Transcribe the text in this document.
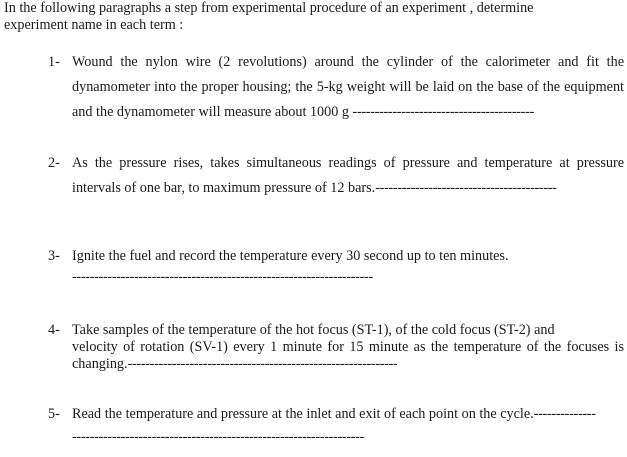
In the following paragraphs a step from experimental procedure of an experiment , determine
experiment name in each term :
1- Wound the nylon wire (2 revolutions) around the cylinder of the calorimeter and fit the
dynamometer into the proper housing; the 5-kg weight will be laid on the base of the equipment
and the dynamometer will measure about 1000 g -----------------------------------------
2- As the pressure rises, takes simultaneous readings of pressure and temperature at pressure
intervals of one bar, to maximum pressure of 12 bars.-----------------------------------------
3- Ignite the fuel and record the temperature every 30 second up to ten minutes.
--------------------------------------------------------------------
4- Take samples of the temperature of the hot focus (ST-1), of the cold focus (ST-2) and
velocity of rotation (SV-1) every 1 minute for 15 minute as the temperature of the focuses is
changing.-------------------------------------------------------------
5- Read the temperature and pressure at the inlet and exit of each point on the cycle.--------------
------------------------------------------------------------------
